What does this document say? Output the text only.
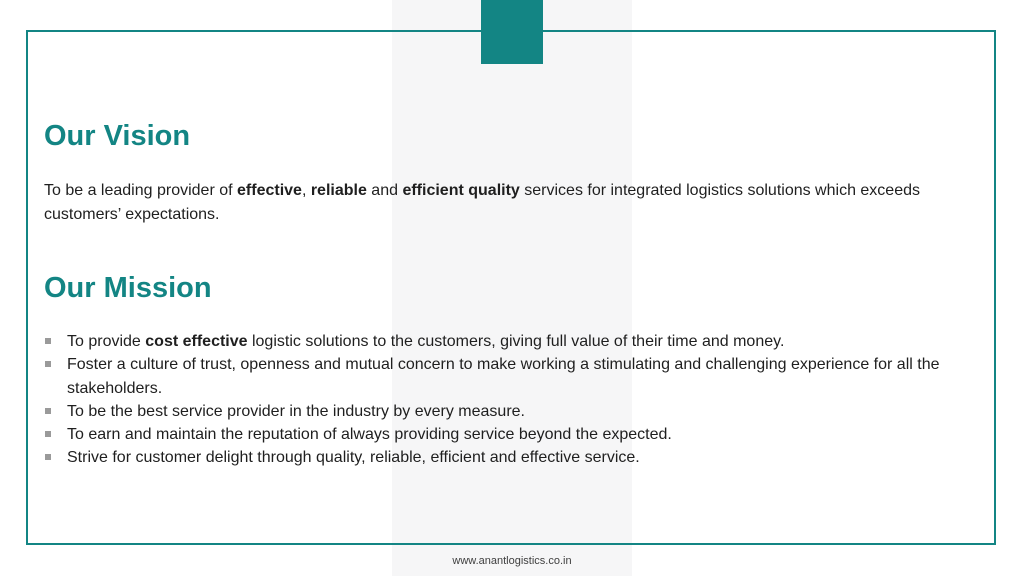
Our Vision

To be a leading provider of effective, reliable and efficient quality services for integrated logistics solutions which exceeds customers’ expectations.

Our Mission
To provide cost effective logistic solutions to the customers, giving full value of their time and money.
Foster a culture of trust, openness and mutual concern to make working a stimulating and challenging experience for all the stakeholders.
To be the best service provider in the industry by every measure.
To earn and maintain the reputation of always providing service beyond the expected.
Strive for customer delight through quality, reliable, efficient and effective service.
www.anantlogistics.co.in
